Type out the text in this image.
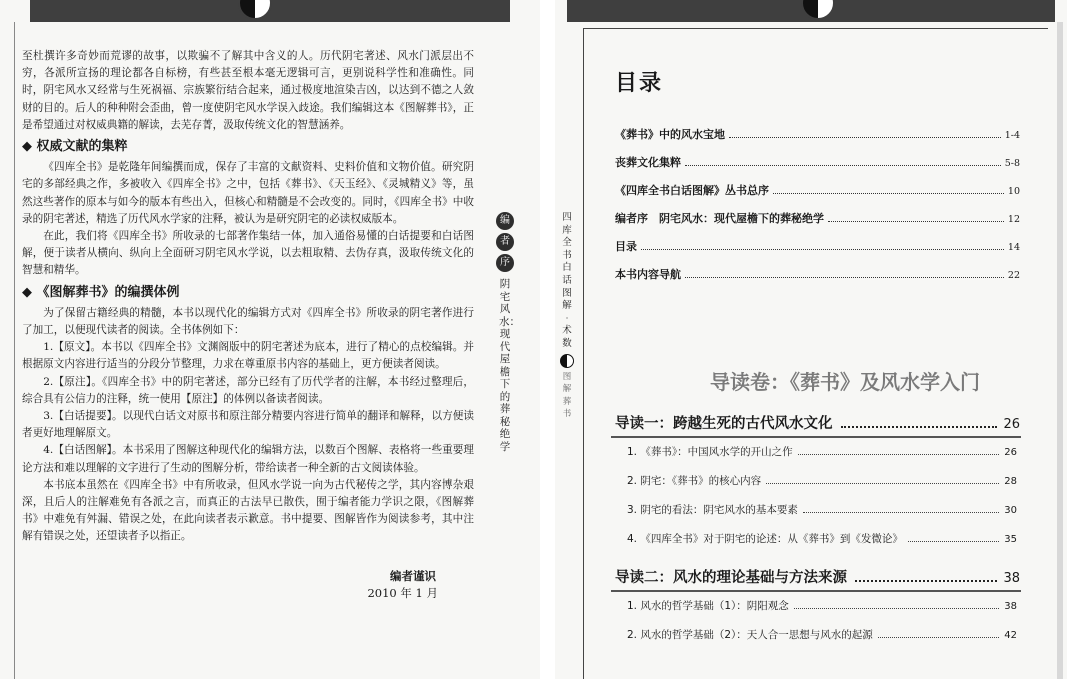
至杜撰许多奇妙而荒谬的故事，以欺骗不了解其中含义的人。历代阴宅著述、风水门派层出不穷，各派所宣扬的理论都各自标榜，有些甚至根本毫无逻辑可言，更别说科学性和准确性。同时，阴宅风水又经常与生死祸福、宗族繁衍结合起来，通过极度地渲染吉凶，以达到不德之人敛财的目的。后人的种种附会歪曲，曾一度使阴宅风水学误入歧途。我们编辑这本《图解葬书》，正是希望通过对权威典籍的解读，去芜存菁，汲取传统文化的智慧涵养。

◆ 权威文献的集粹

《四库全书》是乾隆年间编撰而成，保存了丰富的文献资料、史料价值和文物价值。研究阴宅的多部经典之作，多被收入《四库全书》之中，包括《葬书》、《天玉经》、《灵城精义》等，虽然这些著作的原本与如今的版本有些出入，但核心和精髓是不会改变的。同时，《四库全书》中收录的阴宅著述，精选了历代风水学家的注释，被认为是研究阴宅的必读权威版本。

在此，我们将《四库全书》所收录的七部著作集结一体，加入通俗易懂的白话提要和白话图解，便于读者从横向、纵向上全面研习阴宅风水学说，以去粗取精、去伪存真，汲取传统文化的智慧和精华。

◆ 《图解葬书》的编撰体例

为了保留古籍经典的精髓，本书以现代化的编辑方式对《四库全书》所收录的阴宅著作进行了加工，以便现代读者的阅读。全书体例如下：

1.【原文】。本书以《四库全书》文渊阁版中的阴宅著述为底本，进行了精心的点校编辑。并根据原文内容进行适当的分段分节整理，力求在尊重原书内容的基础上，更方便读者阅读。

2.【原注】。《四库全书》中的阴宅著述，部分已经有了历代学者的注解，本书经过整理后，综合具有公信力的注释，统一使用【原注】的体例以备读者阅读。

3.【白话提要】。以现代白话文对原书和原注部分精要内容进行简单的翻译和解释，以方便读者更好地理解原文。

4.【白话图解】。本书采用了图解这种现代化的编辑方法，以数百个图解、表格将一些重要理论方法和难以理解的文字进行了生动的图解分析，带给读者一种全新的古文阅读体验。

本书底本虽然在《四库全书》中有所收录，但风水学说一向为古代秘传之学，其内容博杂艰深，且后人的注解难免有各派之言，而真正的古法早已散佚，囿于编者能力学识之限，《图解葬书》中难免有舛漏、错误之处，在此向读者表示歉意。书中提要、图解皆作为阅读参考，其中注解有错误之处，还望读者予以指正。

编者谨识
2010 年 1 月
编
者
序
阴宅风水：现代屋檐下的葬秘绝学
四库全书白话图解
·
术数
图解葬书
目录
《葬书》中的风水宝地	1-4
丧葬文化集粹	5-8
《四库全书白话图解》丛书总序	10
编者序　阴宅风水：现代屋檐下的葬秘绝学	12
目录	14
本书内容导航	22
导读卷：《葬书》及风水学入门
导读一：跨越生死的古代风水文化	26
1. 《葬书》：中国风水学的开山之作	26
2. 阴宅：《葬书》的核心内容	28
3. 阴宅的看法：阴宅风水的基本要素	30
4. 《四库全书》对于阴宅的论述：从《葬书》到《发微论》	35
导读二：风水的理论基础与方法来源	38
1. 风水的哲学基础（1）：阴阳观念	38
2. 风水的哲学基础（2）：天人合一思想与风水的起源	42
